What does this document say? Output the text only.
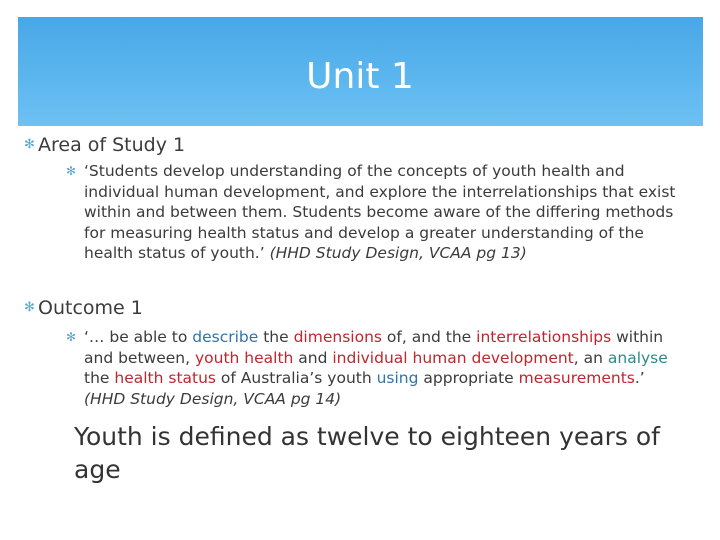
Unit 1
✻ Area of Study 1
✻ ‘Students develop understanding of the concepts of youth health and individual human development, and explore the interrelationships that exist within and between them. Students become aware of the differing methods for measuring health status and develop a greater understanding of the health status of youth.’ (HHD Study Design, VCAA pg 13)
✻ Outcome 1
✻ ‘… be able to describe the dimensions of, and the interrelationships within and between, youth health and individual human development, an analyse the health status of Australia’s youth using appropriate measurements.’ (HHD Study Design, VCAA pg 14)
Youth is defined as twelve to eighteen years of age
